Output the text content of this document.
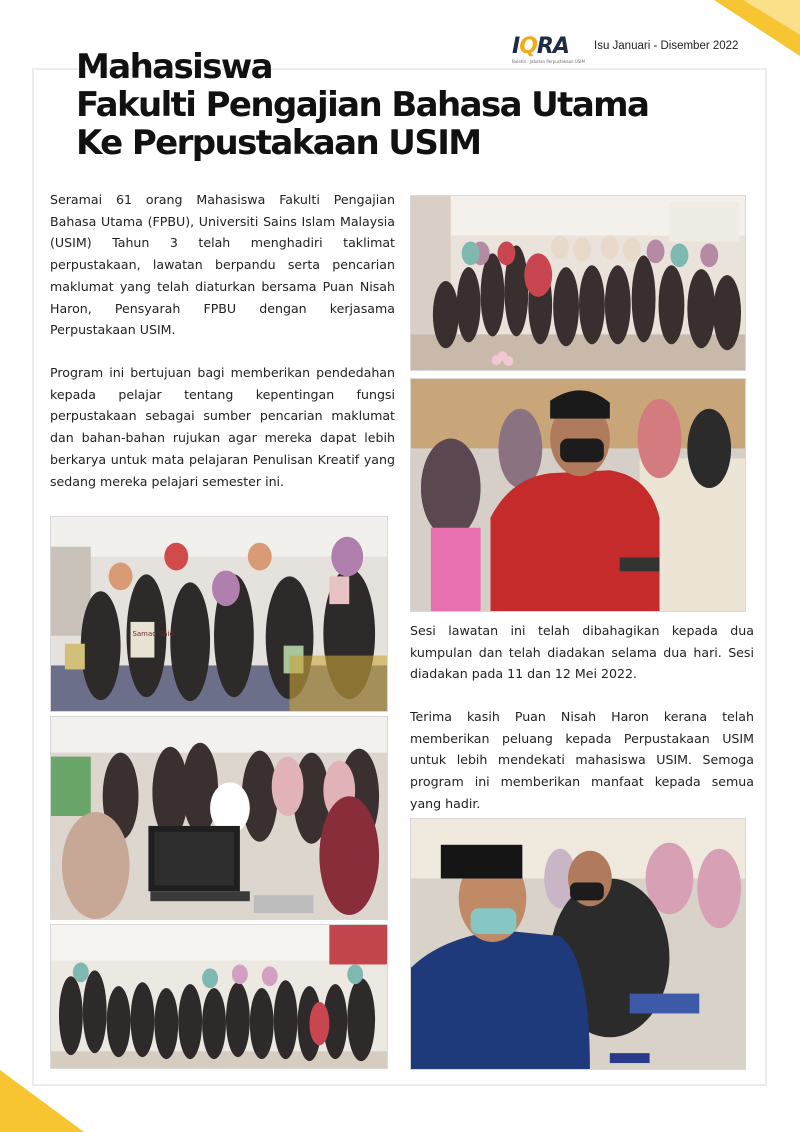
IQRA
Buletin · Jabatan Perpustakaan USIM
Isu Januari - Disember 2022
Mahasiswa
Fakulti Pengajian Bahasa Utama
Ke Perpustakaan USIM

Seramai 61 orang Mahasiswa Fakulti Pengajian Bahasa Utama (FPBU), Universiti Sains Islam Malaysia (USIM) Tahun 3 telah menghadiri taklimat perpustakaan, lawatan berpandu serta pencarian maklumat yang telah diaturkan bersama Puan Nisah Haron, Pensyarah FPBU dengan kerjasama Perpustakaan USIM.

Program ini bertujuan bagi memberikan pendedahan kepada pelajar tentang kepentingan fungsi perpustakaan sebagai sumber pencarian maklumat dan bahan-bahan rujukan agar mereka dapat lebih berkarya untuk mata pelajaran Penulisan Kreatif yang sedang mereka pelajari semester ini.

Sesi lawatan ini telah dibahagikan kepada dua kumpulan dan telah diadakan selama dua hari. Sesi diadakan pada 11 dan 12 Mei 2022.

Terima kasih Puan Nisah Haron kerana telah memberikan peluang kepada Perpustakaan USIM untuk lebih mendekati mahasiswa USIM. Semoga program ini memberikan manfaat kepada semua yang hadir.

Samad Said
